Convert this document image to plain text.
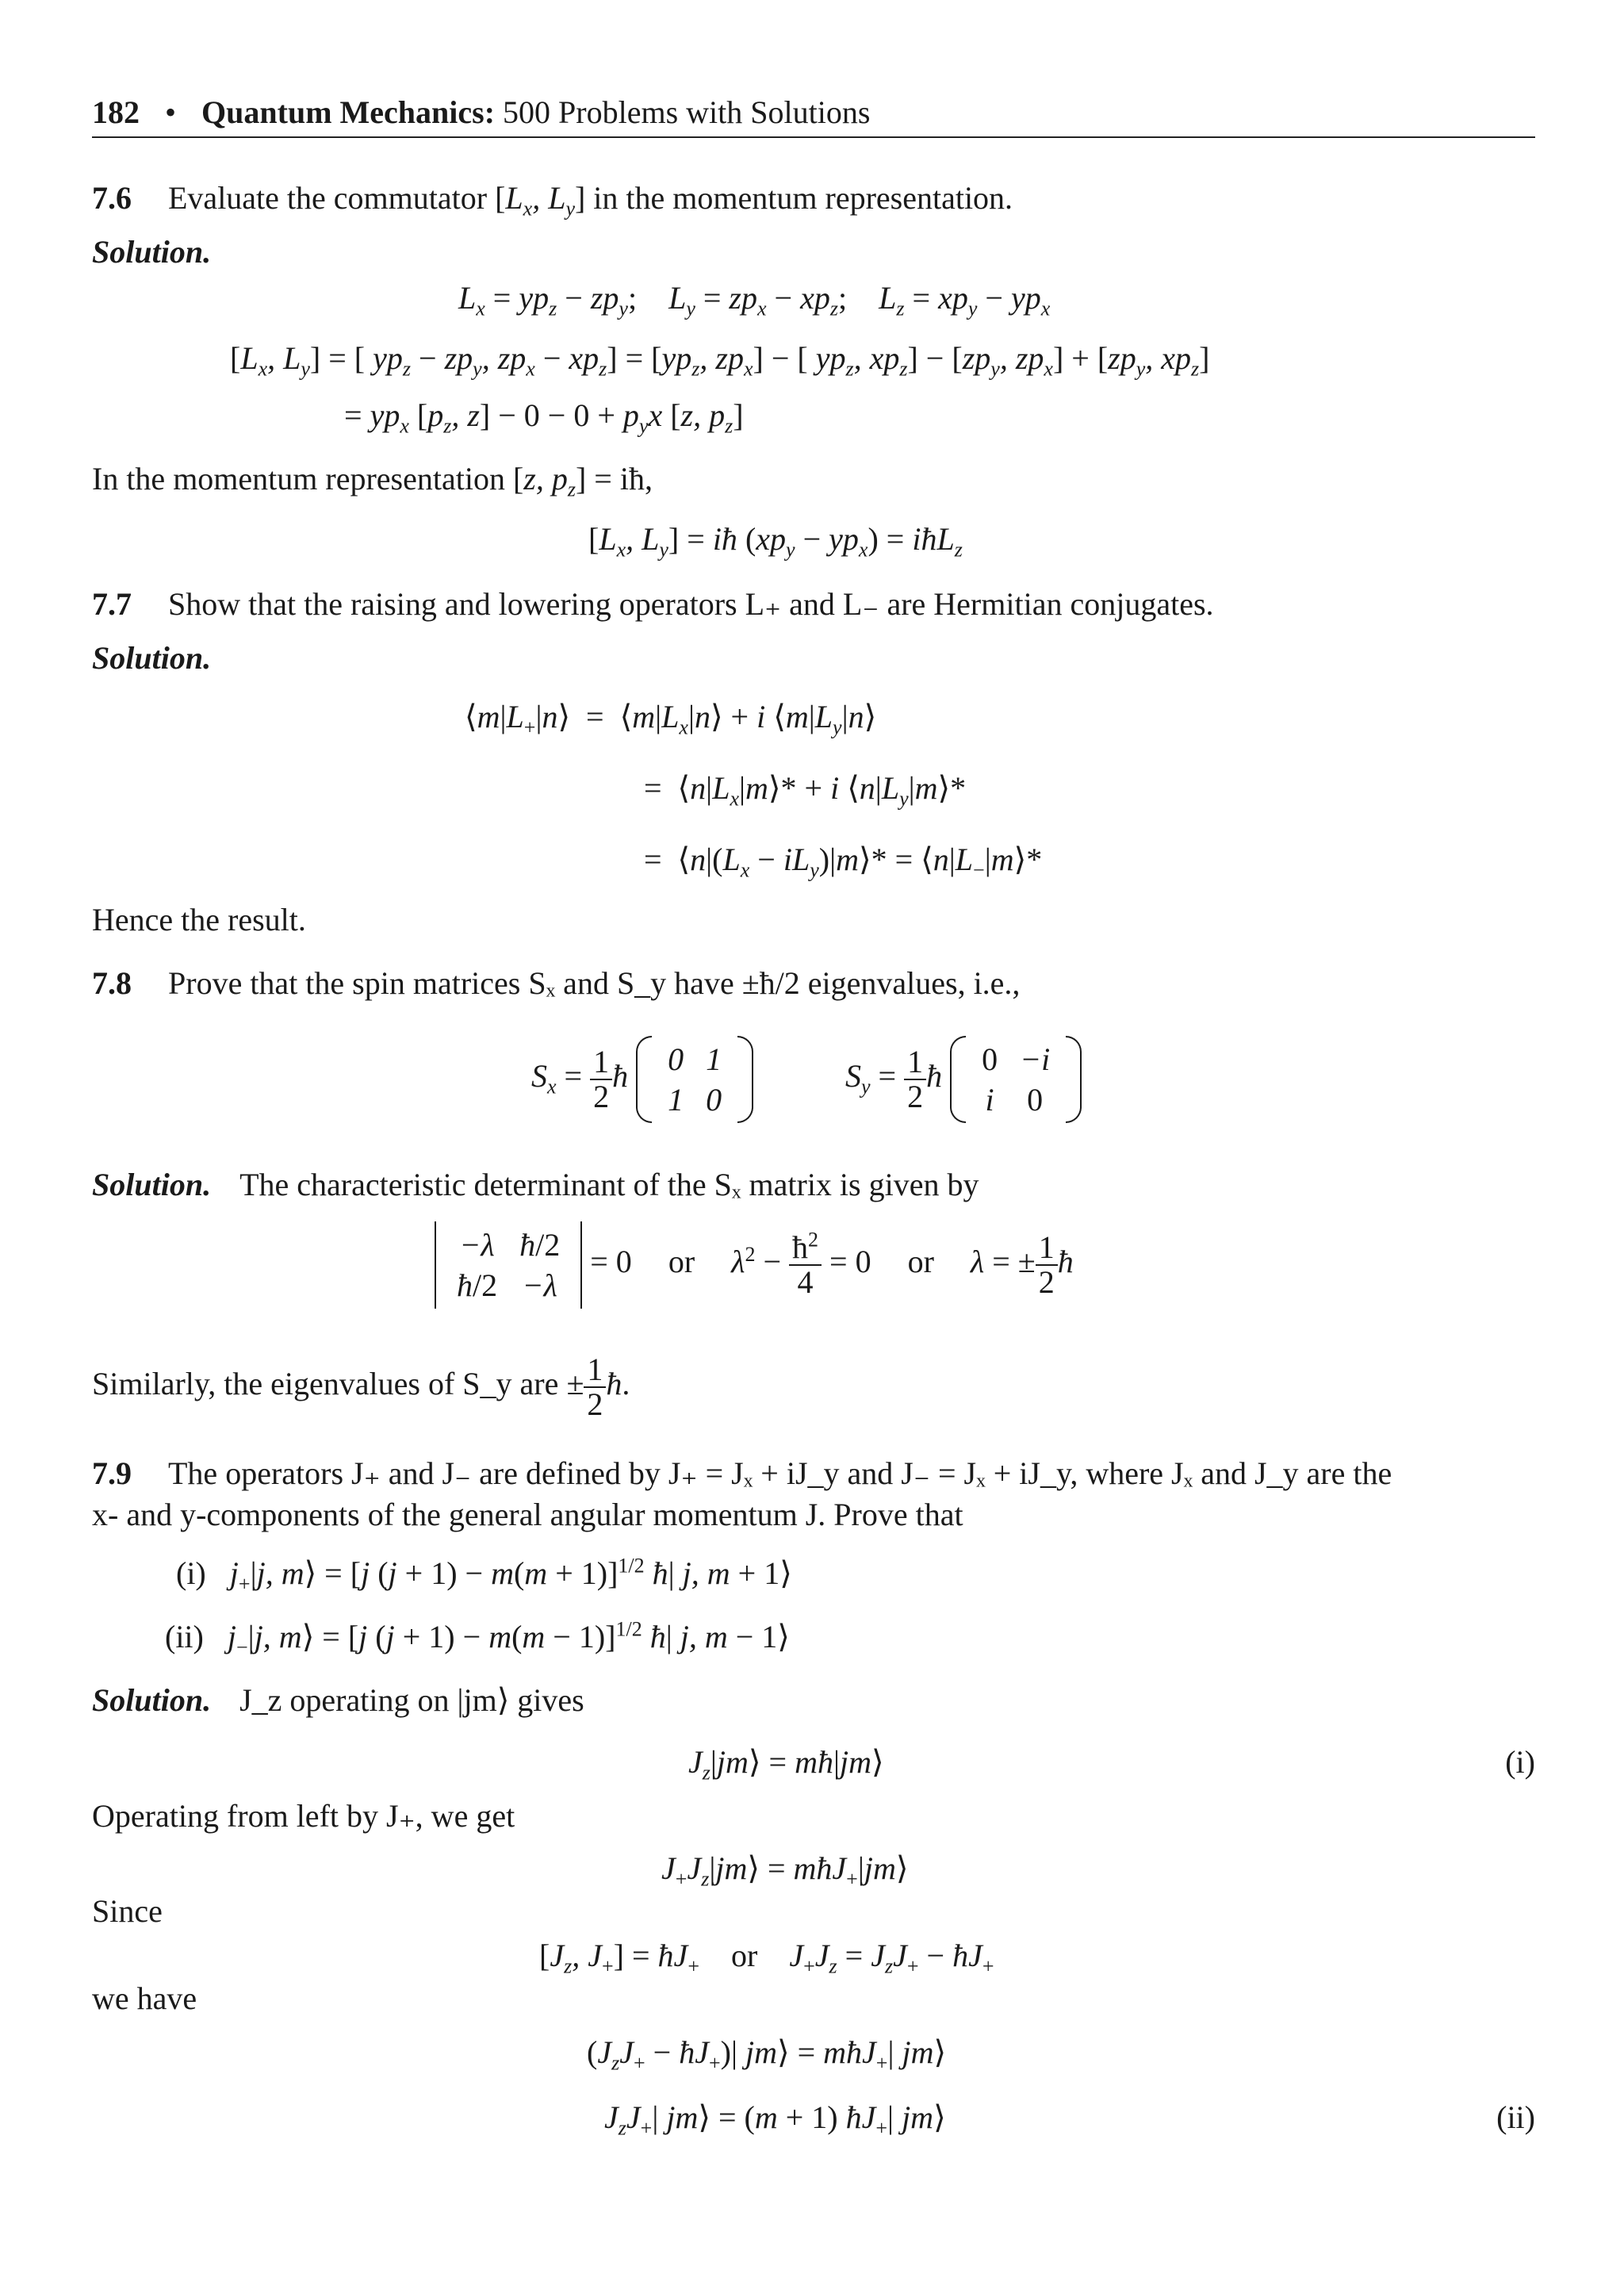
182 • Quantum Mechanics: 500 Problems with Solutions
7.6 Evaluate the commutator [$L_x$, $L_y$] in the momentum representation.
Solution.
$L_x = yp_z - zp_y$;    $L_y = zp_x - xp_z$;    $L_z = xp_y - yp_x$
[$L_x$, $L_y$] = [ $yp_z - zp_y$, $zp_x - xp_z] = [yp_z$, $zp_x$] − [ $yp_z$, $xp_z] - [zp_y$, $zp_x] + [zp_y$, $xp_z$]
= $yp_x$ [$p_z$, $z] - 0 - 0 + p_yx$ [z, $p_z$]
In the momentum representation [z, $p_z$] = iħ,
[$L_x$, $L_y$] = iħ $(xp_y - yp_x)$ = iħL$_z$
7.7 Show that the raising and lowering operators L₊ and L₋ are Hermitian conjugates.
Solution.
$⟨m|L_+|n⟩$  =  $⟨m|L_x|n⟩ + i$ $⟨m|L_y|n⟩$
=  $⟨n|L_x|m⟩* + i$ $⟨n|L_y|m⟩*$
=  $⟨n|(L_x$ − $iL_y)|m⟩*$ = $⟨n|L_-|m⟩*$
Hence the result.
7.8 Prove that the spin matrices Sₓ and S_y have ±ħ/2 eigenvalues, i.e.,
$S_x = \frac{1}{2}$ ħ 0	1
1	0
$S_y = \frac{1}{2}$ ħ 0	−i
i	0
Solution. The characteristic determinant of the Sₓ matrix is given by
−λ	ħ/2
ħ/2	−λ
= 0 or $\lambda^2 - \frac{ħ^2}{4} = 0$ or λ = ± $\frac{1}{2}$ ħ
Similarly, the eigenvalues of S_y are ± $\frac{1}{2}$ ħ.
7.9 The operators J₊ and J₋ are defined by J₊ = Jₓ + iJ_y and J₋ = Jₓ + iJ_y, where Jₓ and J_y are the
x- and y-components of the general angular momentum J. Prove that
(i)   $j_+|j$, m⟩ = [j (j + 1) − m(m + 1)]$^{1/2}$ ħ| j, m + 1⟩
(ii)   $j_-|j$, m⟩ = [j (j + 1) − m(m − 1)]$^{1/2}$ ħ| j, m − 1⟩
Solution. J_z operating on |jm⟩ gives
$J_z|jm⟩$ = mħ|jm⟩	(i)
Operating from left by J₊, we get
$J_+J_z|jm⟩$ = mħJ$_+$|jm⟩
Since
[$J_z$, $J_+$] = $ħJ_+$ or $J_+J_z = J_zJ_+$ − $ħJ_+$
we have
($J_zJ_+$ − $ħJ_+)|$ jm⟩ = mħJ$_+$| jm⟩
$J_zJ_+|$ jm⟩ = (m + 1) $ħJ_+|$ jm⟩	(ii)
